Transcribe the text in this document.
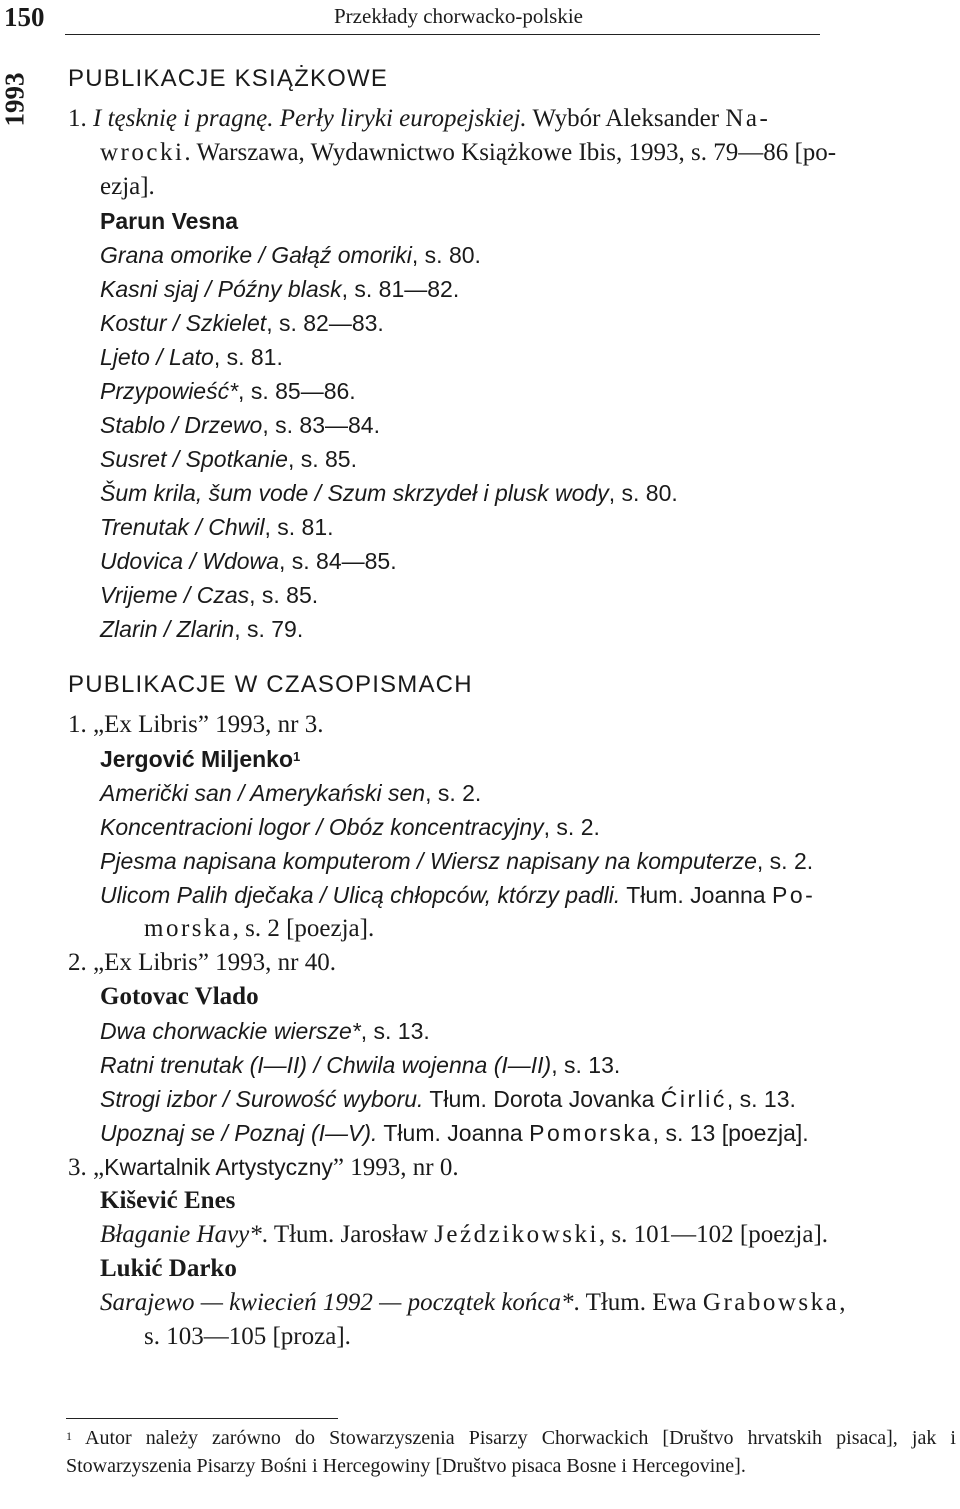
150	Przekłady chorwacko-polskie
1993 PUBLIKACJE KSIĄŻKOWE
1. I tęsknię i pragnę. Perły liryki europejskiej. Wybór Aleksander Na-
wrocki. Warszawa, Wydawnictwo Książkowe Ibis, 1993, s. 79—86 [po-
ezja].
Parun Vesna
Grana omorike / Gałąź omoriki, s. 80.
Kasni sjaj / Późny blask, s. 81—82.
Kostur / Szkielet, s. 82—83.
Ljeto / Lato, s. 81.
Przypowieść*, s. 85—86.
Stablo / Drzewo, s. 83—84.
Susret / Spotkanie, s. 85.
Šum krila, šum vode / Szum skrzydeł i plusk wody, s. 80.
Trenutak / Chwil, s. 81.
Udovica / Wdowa, s. 84—85.
Vrijeme / Czas, s. 85.
Zlarin / Zlarin, s. 79.
PUBLIKACJE W CZASOPISMACH
1. „Ex Libris” 1993, nr 3.
Jergović Miljenko$^1$
Američki san / Amerykański sen, s. 2.
Koncentracioni logor / Obóz koncentracyjny, s. 2.
Pjesma napisana komputerom / Wiersz napisany na komputerze, s. 2.
Ulicom Palih dječaka / Ulicą chłopców, którzy padli. Tłum. Joanna Po-
morska, s. 2 [poezja].
2. „Ex Libris” 1993, nr 40.
Gotovac Vlado
Dwa chorwackie wiersze*, s. 13.
Ratni trenutak (I—II) / Chwila wojenna (I—II), s. 13.
Strogi izbor / Surowość wyboru. Tłum. Dorota Jovanka Ćirlić, s. 13.
Upoznaj se / Poznaj (I—V). Tłum. Joanna Pomorska, s. 13 [poezja].
3. „Kwartalnik Artystyczny” 1993, nr 0.
Kišević Enes
Błaganie Havy*. Tłum. Jarosław Jeździkowski, s. 101—102 [poezja].
Lukić Darko
Sarajewo — kwiecień 1992 — początek końca*. Tłum. Ewa Grabowska,
s. 103—105 [proza].
$^1$ Autor należy zarówno do Stowarzyszenia Pisarzy Chorwackich [Društvo hrvatskih pisaca], jak i Stowarzyszenia Pisarzy Bośni i Hercegowiny [Društvo pisaca Bosne i Hercegovine].
